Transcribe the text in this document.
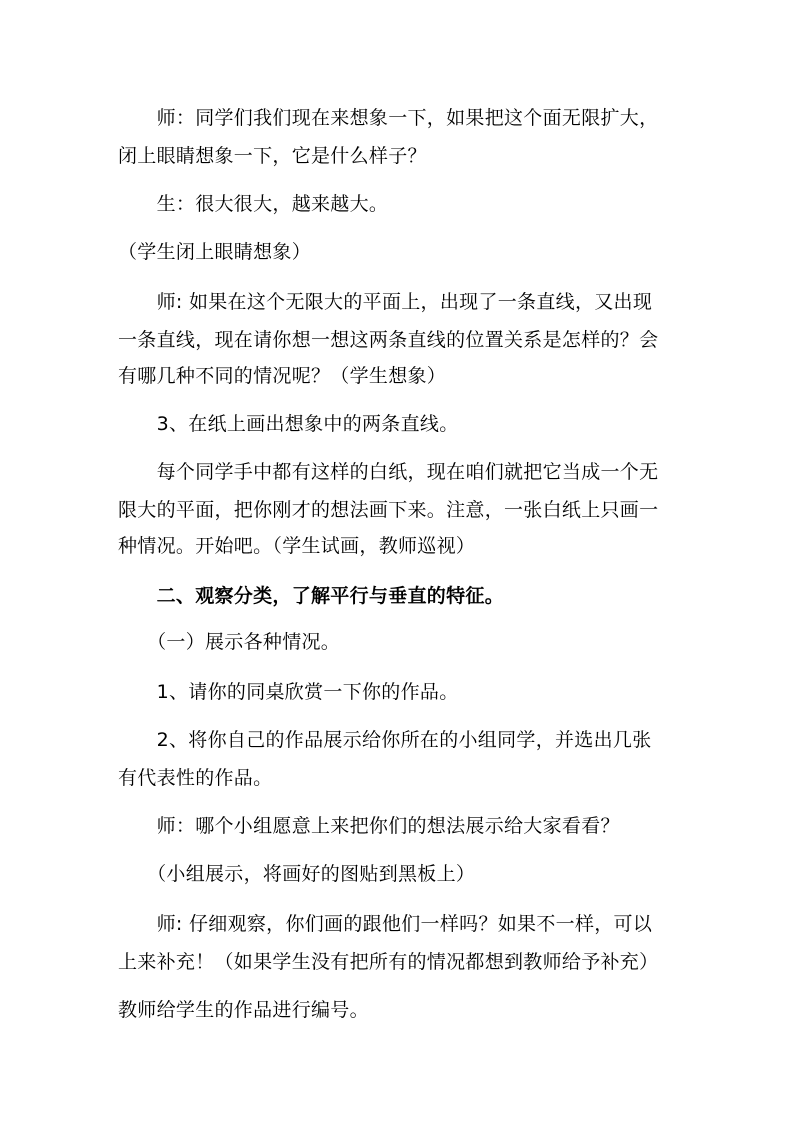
　　师：同学们我们现在来想象一下，如果把这个面无限扩大，
闭上眼睛想象一下，它是什么样子？
　　生：很大很大，越来越大。
（学生闭上眼睛想象）
　　师: 如果在这个无限大的平面上，出现了一条直线，又出现
一条直线，现在请你想一想这两条直线的位置关系是怎样的？会
有哪几种不同的情况呢？（学生想象）
　　3、在纸上画出想象中的两条直线。
　　每个同学手中都有这样的白纸，现在咱们就把它当成一个无
限大的平面，把你刚才的想法画下来。注意，一张白纸上只画一
种情况。开始吧。（学生试画，教师巡视）
　　二、观察分类，了解平行与垂直的特征。
　　（一）展示各种情况。
　　1、请你的同桌欣赏一下你的作品。
　　2、将你自己的作品展示给你所在的小组同学，并选出几张
有代表性的作品。
　　师：哪个小组愿意上来把你们的想法展示给大家看看？
　　（小组展示，将画好的图贴到黑板上）
　　师: 仔细观察，你们画的跟他们一样吗？如果不一样，可以
上来补充！（如果学生没有把所有的情况都想到教师给予补充）
教师给学生的作品进行编号。
